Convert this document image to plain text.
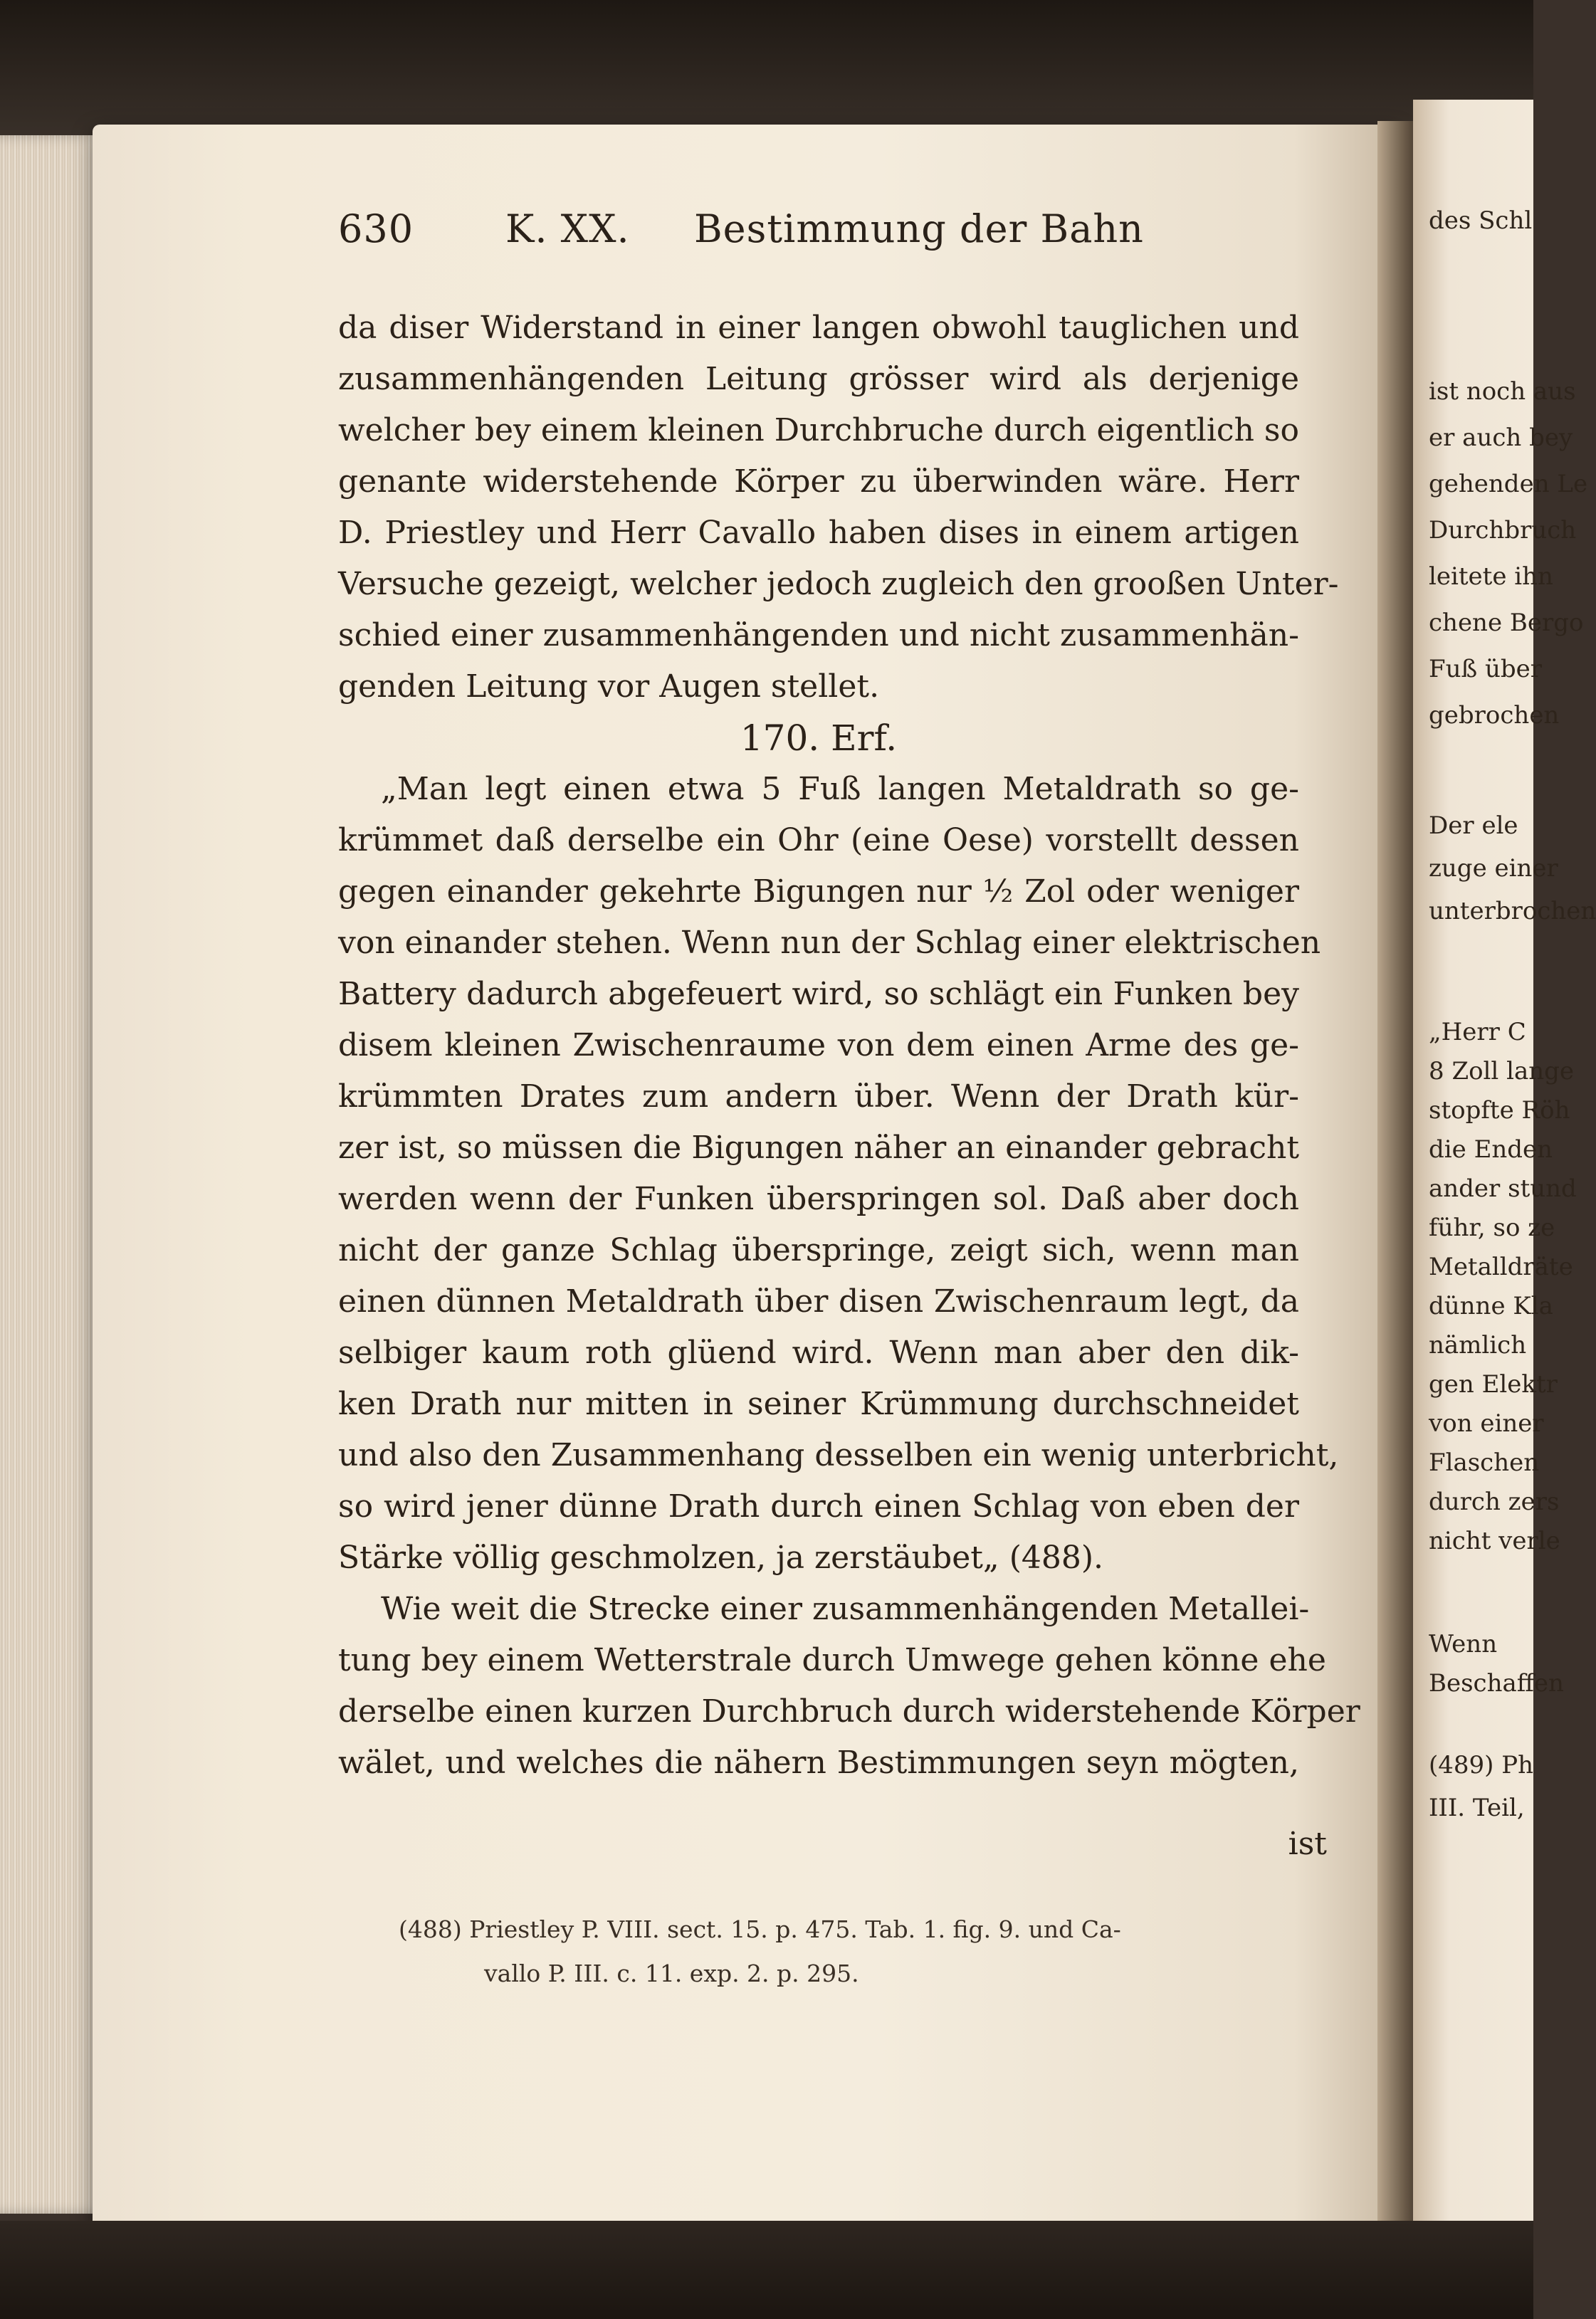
des Schl
ist noch aus
er auch bey
gehenden Le
Durchbruch
leitete ihn
chene Bergo
Fuß über
gebrochen
Der ele
zuge einer
unterbrochen
„Herr C
8 Zoll lange
stopfte Röh
die Enden
ander stund
führ, so ze
Metalldräte
dünne Kla
nämlich
gen Elektr
von einer
Flaschen
durch zers
nicht verle
Wenn
Beschaffen
(489) Ph
III. Teil,
630 K. XX. Bestimmung der Bahn
da diser Widerstand in einer langen obwohl tauglichen und
zusammenhängenden Leitung grösser wird als derjenige
welcher bey einem kleinen Durchbruche durch eigentlich so
genante widerstehende Körper zu überwinden wäre. Herr
D. Priestley und Herr Cavallo haben dises in einem artigen
Versuche gezeigt, welcher jedoch zugleich den grooßen Unter-
schied einer zusammenhängenden und nicht zusammenhän-
genden Leitung vor Augen stellet.
170. Erf.
„Man legt einen etwa 5 Fuß langen Metaldrath so ge-
krümmet daß derselbe ein Ohr (eine Oese) vorstellt dessen
gegen einander gekehrte Bigungen nur ½ Zol oder weniger
von einander stehen. Wenn nun der Schlag einer elektrischen
Battery dadurch abgefeuert wird, so schlägt ein Funken bey
disem kleinen Zwischenraume von dem einen Arme des ge-
krümmten Drates zum andern über. Wenn der Drath kür-
zer ist, so müssen die Bigungen näher an einander gebracht
werden wenn der Funken überspringen sol. Daß aber doch
nicht der ganze Schlag überspringe, zeigt sich, wenn man
einen dünnen Metaldrath über disen Zwischenraum legt, da
selbiger kaum roth glüend wird. Wenn man aber den dik-
ken Drath nur mitten in seiner Krümmung durchschneidet
und also den Zusammenhang desselben ein wenig unterbricht,
so wird jener dünne Drath durch einen Schlag von eben der
Stärke völlig geschmolzen, ja zerstäubet„ (488).
Wie weit die Strecke einer zusammenhängenden Metallei-
tung bey einem Wetterstrale durch Umwege gehen könne ehe
derselbe einen kurzen Durchbruch durch widerstehende Körper
wälet, und welches die nähern Bestimmungen seyn mögten,
ist
(488) Priestley P. VIII. sect. 15. p. 475. Tab. 1. fig. 9. und Ca-
vallo P. III. c. 11. exp. 2. p. 295.
